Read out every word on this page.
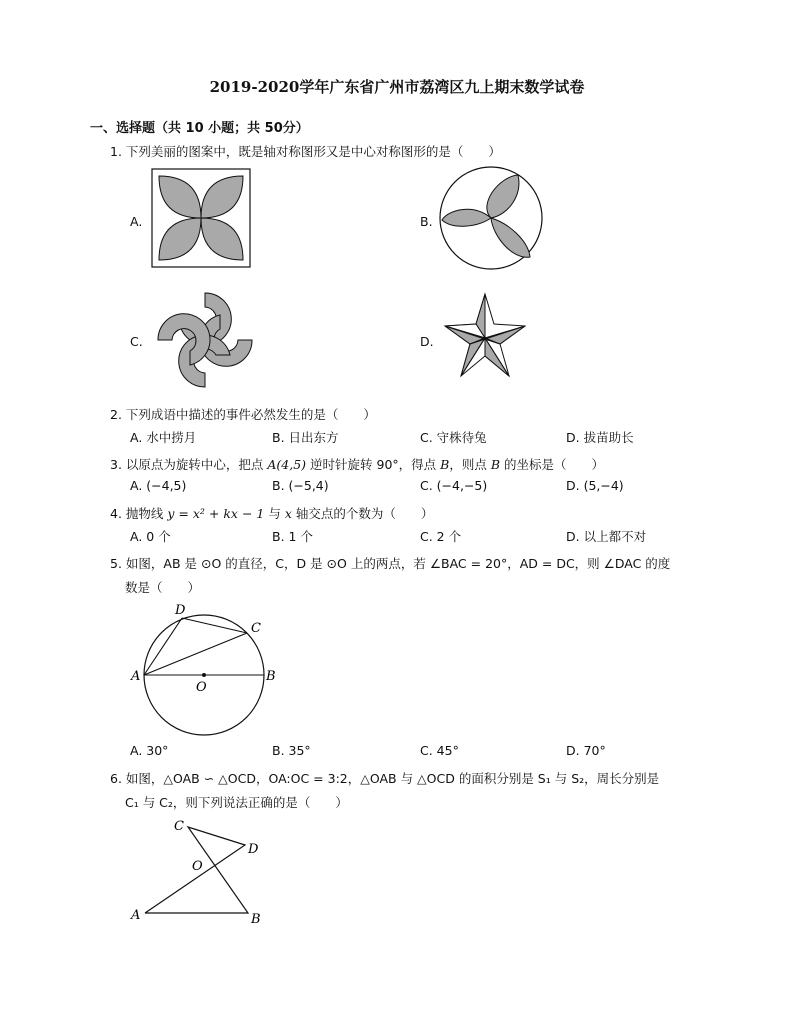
2019-2020学年广东省广州市荔湾区九上期末数学试卷
一、选择题（共 10 小题；共 50分）
1. 下列美丽的图案中，既是轴对称图形又是中心对称图形的是（　　）
A.	B.
C.	D.
2. 下列成语中描述的事件必然发生的是（　　）
A. 水中捞月	B. 日出东方	C. 守株待兔	D. 拔苗助长
3. 以原点为旋转中心，把点 A(4,5) 逆时针旋转 90°，得点 B，则点 B 的坐标是（　　）
A. (−4,5)	B. (−5,4)	C. (−4,−5)	D. (5,−4)
4. 抛物线 y = x² + kx − 1 与 x 轴交点的个数为（　　）
A. 0 个	B. 1 个	C. 2 个	D. 以上都不对
5. 如图，AB 是 ⊙O 的直径，C，D 是 ⊙O 上的两点，若 ∠BAC = 20°，AD = DC，则 ∠DAC 的度
数是（　　）
A	B
C
D
O
A. 30°	B. 35°	C. 45°	D. 70°
6. 如图，△OAB ∽ △OCD，OA:OC = 3:2，△OAB 与 △OCD 的面积分别是 S₁ 与 S₂，周长分别是
C₁ 与 C₂，则下列说法正确的是（　　）
A	B
C
D
O
